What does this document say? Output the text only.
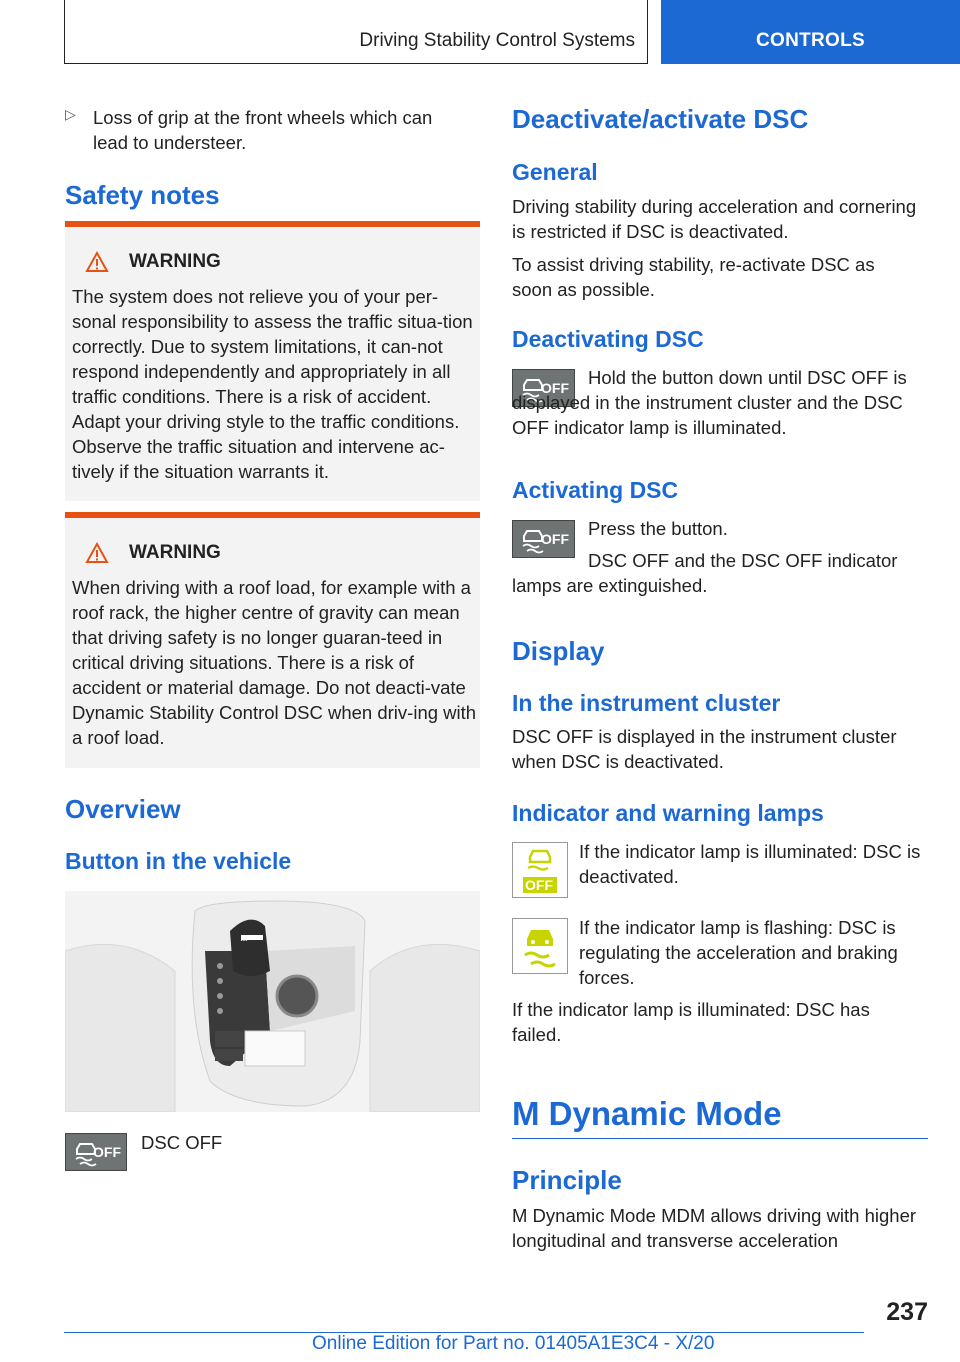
Driving Stability Control Systems	CONTROLS
▷ Loss of grip at the front wheels which can lead to understeer.

Safety notes
WARNING
The system does not relieve you of your per-sonal responsibility to assess the traffic situa-tion correctly. Due to system limitations, it can-not respond independently and appropriately in all traffic conditions. There is a risk of accident. Adapt your driving style to the traffic conditions. Observe the traffic situation and intervene ac-tively if the situation warrants it.
WARNING
When driving with a roof load, for example with a roof rack, the higher centre of gravity can mean that driving safety is no longer guaran-teed in critical driving situations. There is a risk of accident or material damage. Do not deacti-vate Dynamic Stability Control DSC when driv-ing with a roof load.
Overview
Button in the vehicle
M
OFF DSC OFF

Deactivate/activate DSC
General

Driving stability during acceleration and cornering is restricted if DSC is deactivated.

To assist driving stability, re-activate DSC as soon as possible.

Deactivating DSC
OFF	Hold the button down until DSC OFF is displayed in the instrument cluster and the DSC OFF indicator lamp is illuminated.

Activating DSC
OFF Press the button.

DSC OFF and the DSC OFF indicator lamps are extinguished.

Display
In the instrument cluster

DSC OFF is displayed in the instrument cluster when DSC is deactivated.

Indicator and warning lamps
OFF

If the indicator lamp is illuminated: DSC is deactivated.

If the indicator lamp is flashing: DSC is regulating the acceleration and braking forces.

If the indicator lamp is illuminated: DSC has failed.

M Dynamic Mode
Principle

M Dynamic Mode MDM allows driving with higher longitudinal and transverse acceleration

237
Online Edition for Part no. 01405A1E3C4 - X/20
